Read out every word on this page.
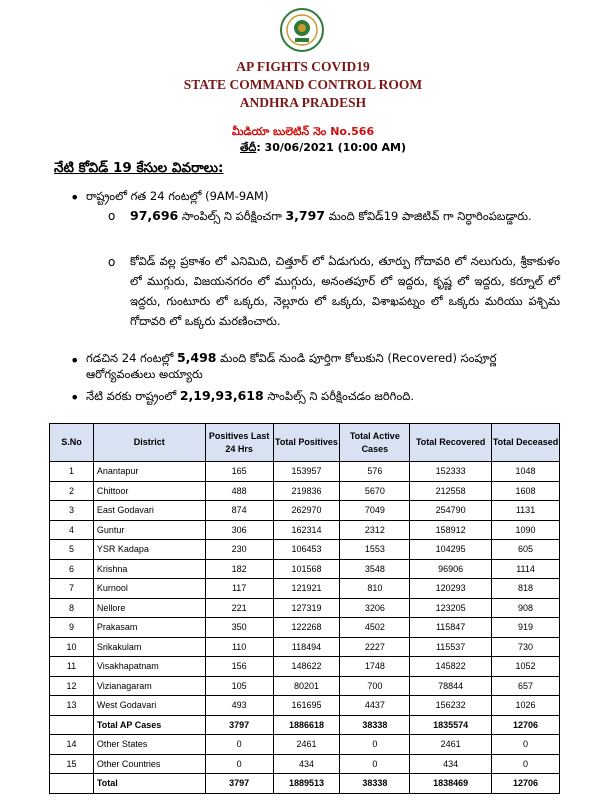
AP FIGHTS COVID19
STATE COMMAND CONTROL ROOM
ANDHRA PRADESH
మీడియా బులెటిన్ నెం No.566
తేదీ: 30/06/2021 (10:00 AM)
నేటి కోవిడ్ 19 కేసుల వివరాలు:
• రాష్ట్రంలో గత 24 గంటల్లో (9AM-9AM)
o 97,696 సాంపిల్స్ ని పరీక్షించగా 3,797 మంది కోవిడ్19 పాజిటివ్ గా నిర్ధారింపబడ్డారు.
o కోవిడ్ వల్ల ప్రకాశం లో ఎనిమిది, చిత్తూర్ లో ఏడుగురు, తూర్పు గోదావరి లో నలుగురు, శ్రీకాకుళం లో ముగ్గురు, విజయనగరం లో ముగ్గురు, అనంతపూర్ లో ఇద్దరు, కృష్ణ లో ఇద్దరు, కర్నూల్ లో ఇద్దరు, గుంటూరు లో ఒక్కరు, నెల్లూరు లో ఒక్కరు, విశాఖపట్నం లో ఒక్కరు మరియు పశ్చిమ గోదావరి లో ఒక్కరు మరణించారు.
• గడచిన 24 గంటల్లో 5,498 మంది కోవిడ్ నుండి పూర్తిగా కోలుకుని (Recovered) సంపూర్ణ ఆరోగ్యవంతులు అయ్యారు
• నేటి వరకు రాష్ట్రంలో 2,19,93,618 సాంపిల్స్ ని పరీక్షించడం జరిగింది.
S.No	District	Positives Last 24 Hrs	Total Positives	Total Active Cases	Total Recovered	Total Deceased
1	Anantapur	165	153957	576	152333	1048
2	Chittoor	488	219836	5670	212558	1608
3	East Godavari	874	262970	7049	254790	1131
4	Guntur	306	162314	2312	158912	1090
5	YSR Kadapa	230	106453	1553	104295	605
6	Krishna	182	101568	3548	96906	1114
7	Kurnool	117	121921	810	120293	818
8	Nellore	221	127319	3206	123205	908
9	Prakasam	350	122268	4502	115847	919
10	Srikakulam	110	118494	2227	115537	730
11	Visakhapatnam	156	148622	1748	145822	1052
12	Vizianagaram	105	80201	700	78844	657
13	West Godavari	493	161695	4437	156232	1026
	Total AP Cases	3797	1886618	38338	1835574	12706
14	Other States	0	2461	0	2461	0
15	Other Countries	0	434	0	434	0
	Total	3797	1889513	38338	1838469	12706
